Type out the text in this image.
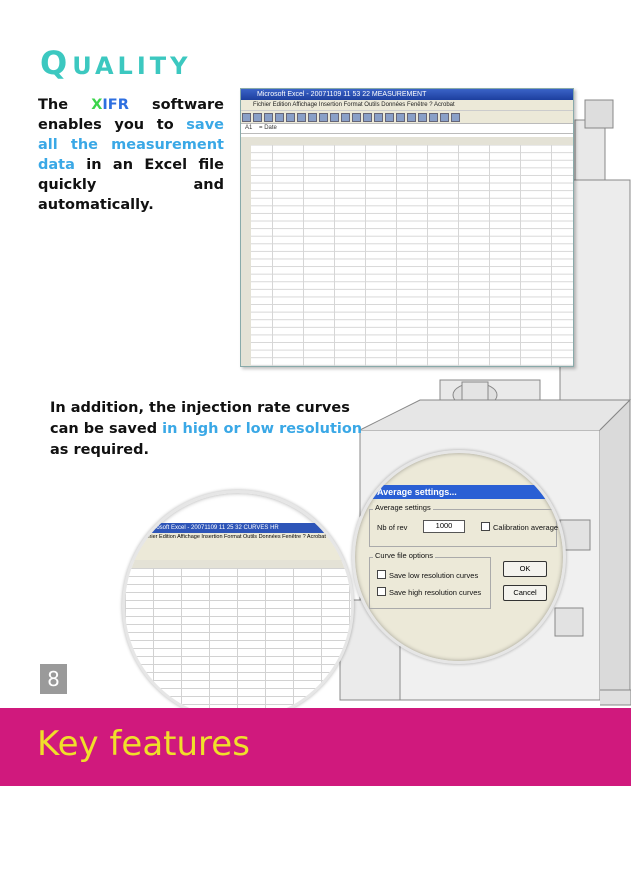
QUALITY
The XIFR software enables you to save all the measurement data in an Excel file quickly and automatically.
Microsoft Excel - 20071109 11 53 22 MEASUREMENT
Fichier Edition Affichage Insertion Format Outils Données Fenêtre ? Acrobat
A1    = Date
In addition, the injection rate curves can be saved in high or low resolution as required.
Microsoft Excel - 20071109 11 25 32 CURVES HR
Fichier Edition Affichage Insertion Format Outils Données Fenêtre ? Acrobat
Average settings...
Average settings
Nb of rev	1000	Calibration average
Curve file options
Save low resolution curves
Save high resolution curves
OK
Cancel
8
Key features
